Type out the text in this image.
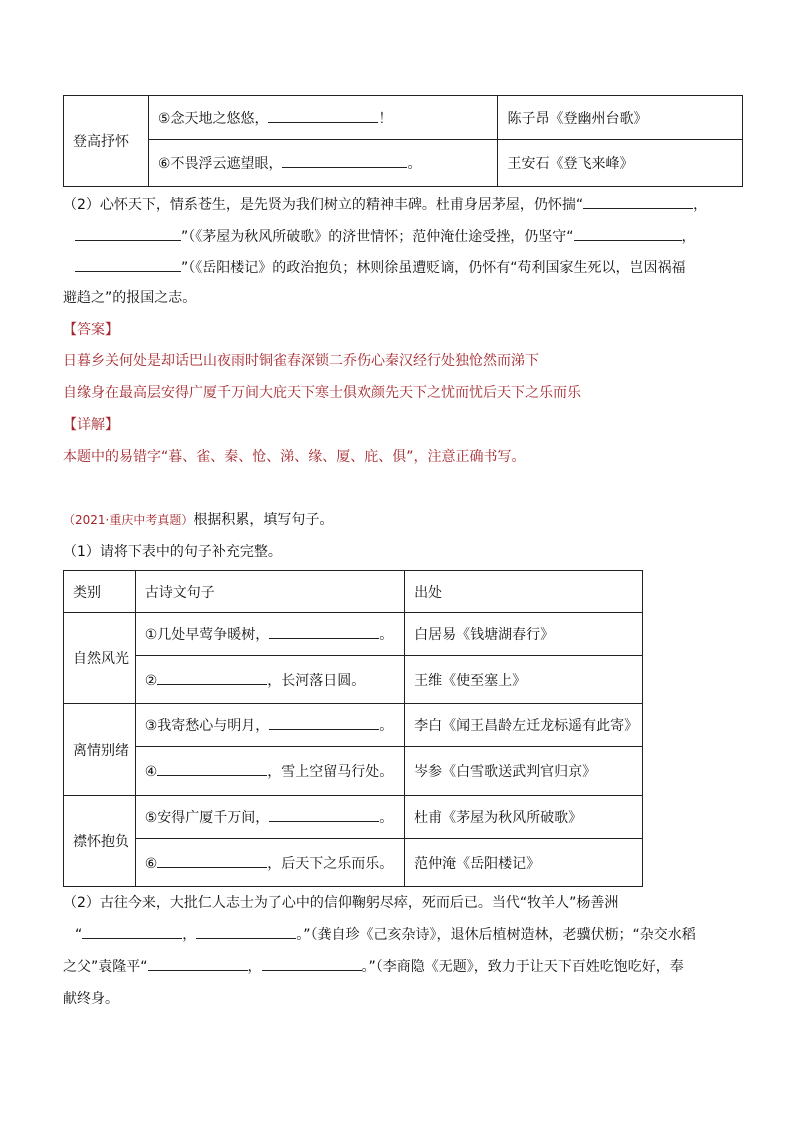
登高抒怀	⑤念天地之悠悠， ！	陈子昂《登幽州台歌》
	⑥不畏浮云遮望眼， 。	王安石《登飞来峰》
（2）心怀天下，情系苍生，是先贤为我们树立的精神丰碑。杜甫身居茅屋，仍怀揣“	，
”（《茅屋为秋风所破歌》的济世情怀；范仲淹仕途受挫，仍坚守“	，
”（《岳阳楼记》的政治抱负；林则徐虽遭贬谪，仍怀有“苟利国家生死以，岂因祸福
避趋之”的报国之志。
【答案】
日暮乡关何处是却话巴山夜雨时铜雀春深锁二乔伤心秦汉经行处独怆然而涕下
自缘身在最高层安得广厦千万间大庇天下寒士俱欢颜先天下之忧而忧后天下之乐而乐
【详解】
本题中的易错字“暮、雀、秦、怆、涕、缘、厦、庇、俱”，注意正确书写。
（2021·重庆中考真题）根据积累，填写句子。
（1）请将下表中的句子补充完整。
类别	古诗文句子	出处
自然风光	①几处早莺争暖树， 。	白居易《钱塘湖春行》
	② ，长河落日圆。	王维《使至塞上》
离情别绪	③我寄愁心与明月， 。	李白《闻王昌龄左迁龙标遥有此寄》
	④ ，雪上空留马行处。	岑参《白雪歌送武判官归京》
襟怀抱负	⑤安得广厦千万间， 。	杜甫《茅屋为秋风所破歌》
	⑥ ，后天下之乐而乐。	范仲淹《岳阳楼记》
（2）古往今来，大批仁人志士为了心中的信仰鞠躬尽瘁，死而后已。当代“牧羊人”杨善洲
“	，	。”（龚自珍《己亥杂诗》，退休后植树造林，老骥伏枥；“杂交水稻
之父”袁隆平“	，	。”（李商隐《无题》，致力于让天下百姓吃饱吃好，奉
献终身。
